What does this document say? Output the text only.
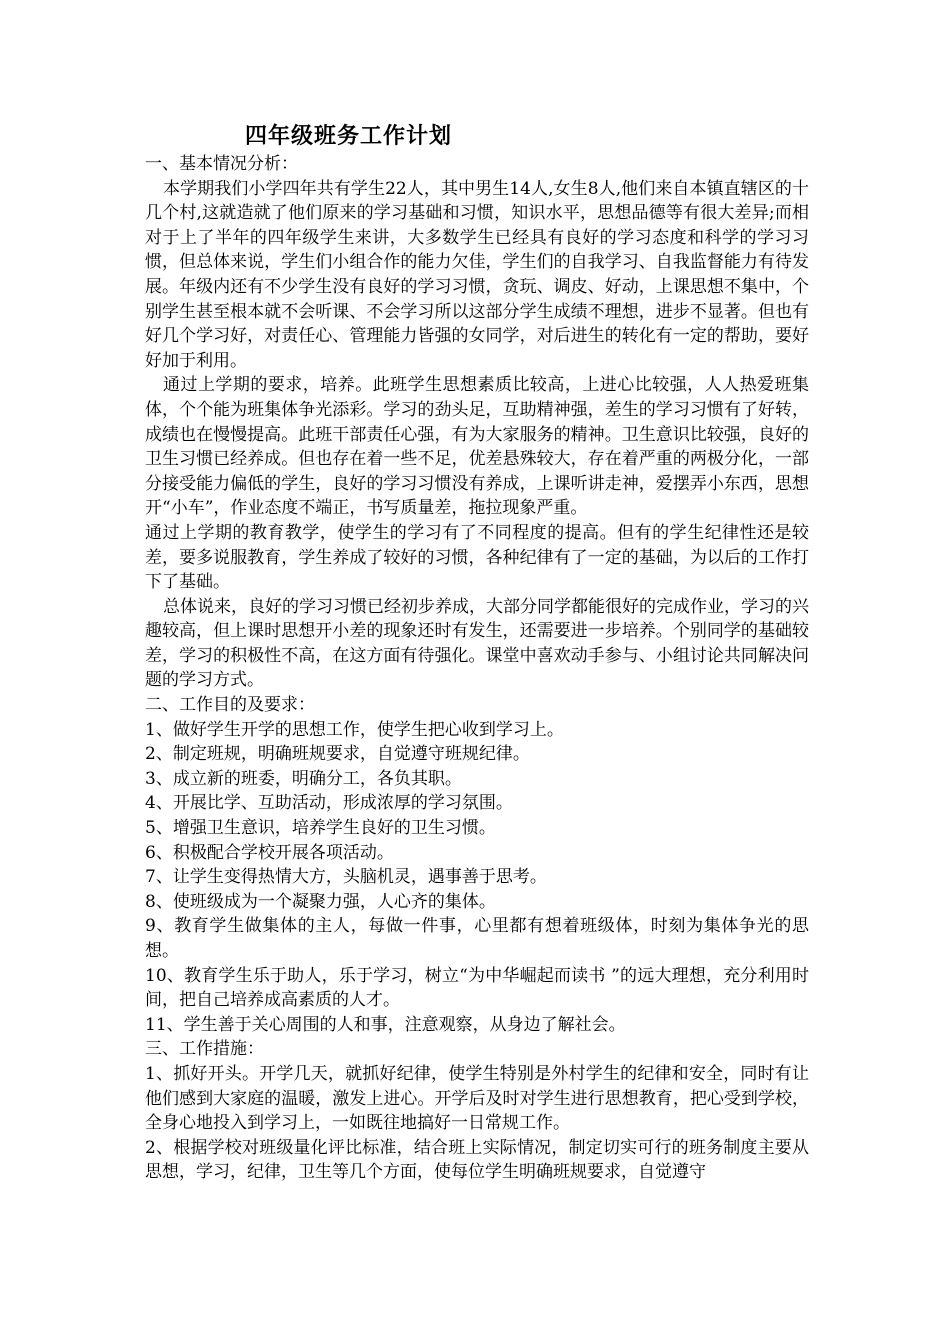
四年级班务工作计划

一、基本情况分析：

本学期我们小学四年共有学生22人，其中男生14人,女生8人,他们来自本镇直辖区的十几个村,这就造就了他们原来的学习基础和习惯，知识水平，思想品德等有很大差异;而相对于上了半年的四年级学生来讲，大多数学生已经具有良好的学习态度和科学的学习习惯，但总体来说，学生们小组合作的能力欠佳，学生们的自我学习、自我监督能力有待发展。年级内还有不少学生没有良好的学习习惯，贪玩、调皮、好动，上课思想不集中，个别学生甚至根本就不会听课、不会学习所以这部分学生成绩不理想，进步不显著。但也有好几个学习好，对责任心、管理能力皆强的女同学，对后进生的转化有一定的帮助，要好好加于利用。

通过上学期的要求，培养。此班学生思想素质比较高，上进心比较强，人人热爱班集体，个个能为班集体争光添彩。学习的劲头足，互助精神强，差生的学习习惯有了好转，成绩也在慢慢提高。此班干部责任心强，有为大家服务的精神。卫生意识比较强，良好的卫生习惯已经养成。但也存在着一些不足，优差悬殊较大，存在着严重的两极分化，一部分接受能力偏低的学生，良好的学习习惯没有养成，上课听讲走神，爱摆弄小东西，思想开“小车”，作业态度不端正，书写质量差，拖拉现象严重。

通过上学期的教育教学，使学生的学习有了不同程度的提高。但有的学生纪律性还是较差，要多说服教育，学生养成了较好的习惯，各种纪律有了一定的基础，为以后的工作打下了基础。

总体说来，良好的学习习惯已经初步养成，大部分同学都能很好的完成作业，学习的兴趣较高，但上课时思想开小差的现象还时有发生，还需要进一步培养。个别同学的基础较差，学习的积极性不高，在这方面有待强化。课堂中喜欢动手参与、小组讨论共同解决问题的学习方式。

二、工作目的及要求：

1、做好学生开学的思想工作，使学生把心收到学习上。

2、制定班规，明确班规要求，自觉遵守班规纪律。

3、成立新的班委，明确分工，各负其职。

4、开展比学、互助活动，形成浓厚的学习氛围。

5、增强卫生意识，培养学生良好的卫生习惯。

6、积极配合学校开展各项活动。

7、让学生变得热情大方，头脑机灵，遇事善于思考。

8、使班级成为一个凝聚力强，人心齐的集体。

9、教育学生做集体的主人，每做一件事，心里都有想着班级体，时刻为集体争光的思想。

10、教育学生乐于助人，乐于学习，树立“为中华崛起而读书 ”的远大理想，充分利用时间，把自己培养成高素质的人才。

11、学生善于关心周围的人和事，注意观察，从身边了解社会。

三、工作措施：

1、抓好开头。开学几天，就抓好纪律，使学生特别是外村学生的纪律和安全，同时有让他们感到大家庭的温暖，激发上进心。开学后及时对学生进行思想教育，把心受到学校，全身心地投入到学习上，一如既往地搞好一日常规工作。

2、根据学校对班级量化评比标准，结合班上实际情况，制定切实可行的班务制度主要从思想，学习，纪律，卫生等几个方面，使每位学生明确班规要求，自觉遵守
